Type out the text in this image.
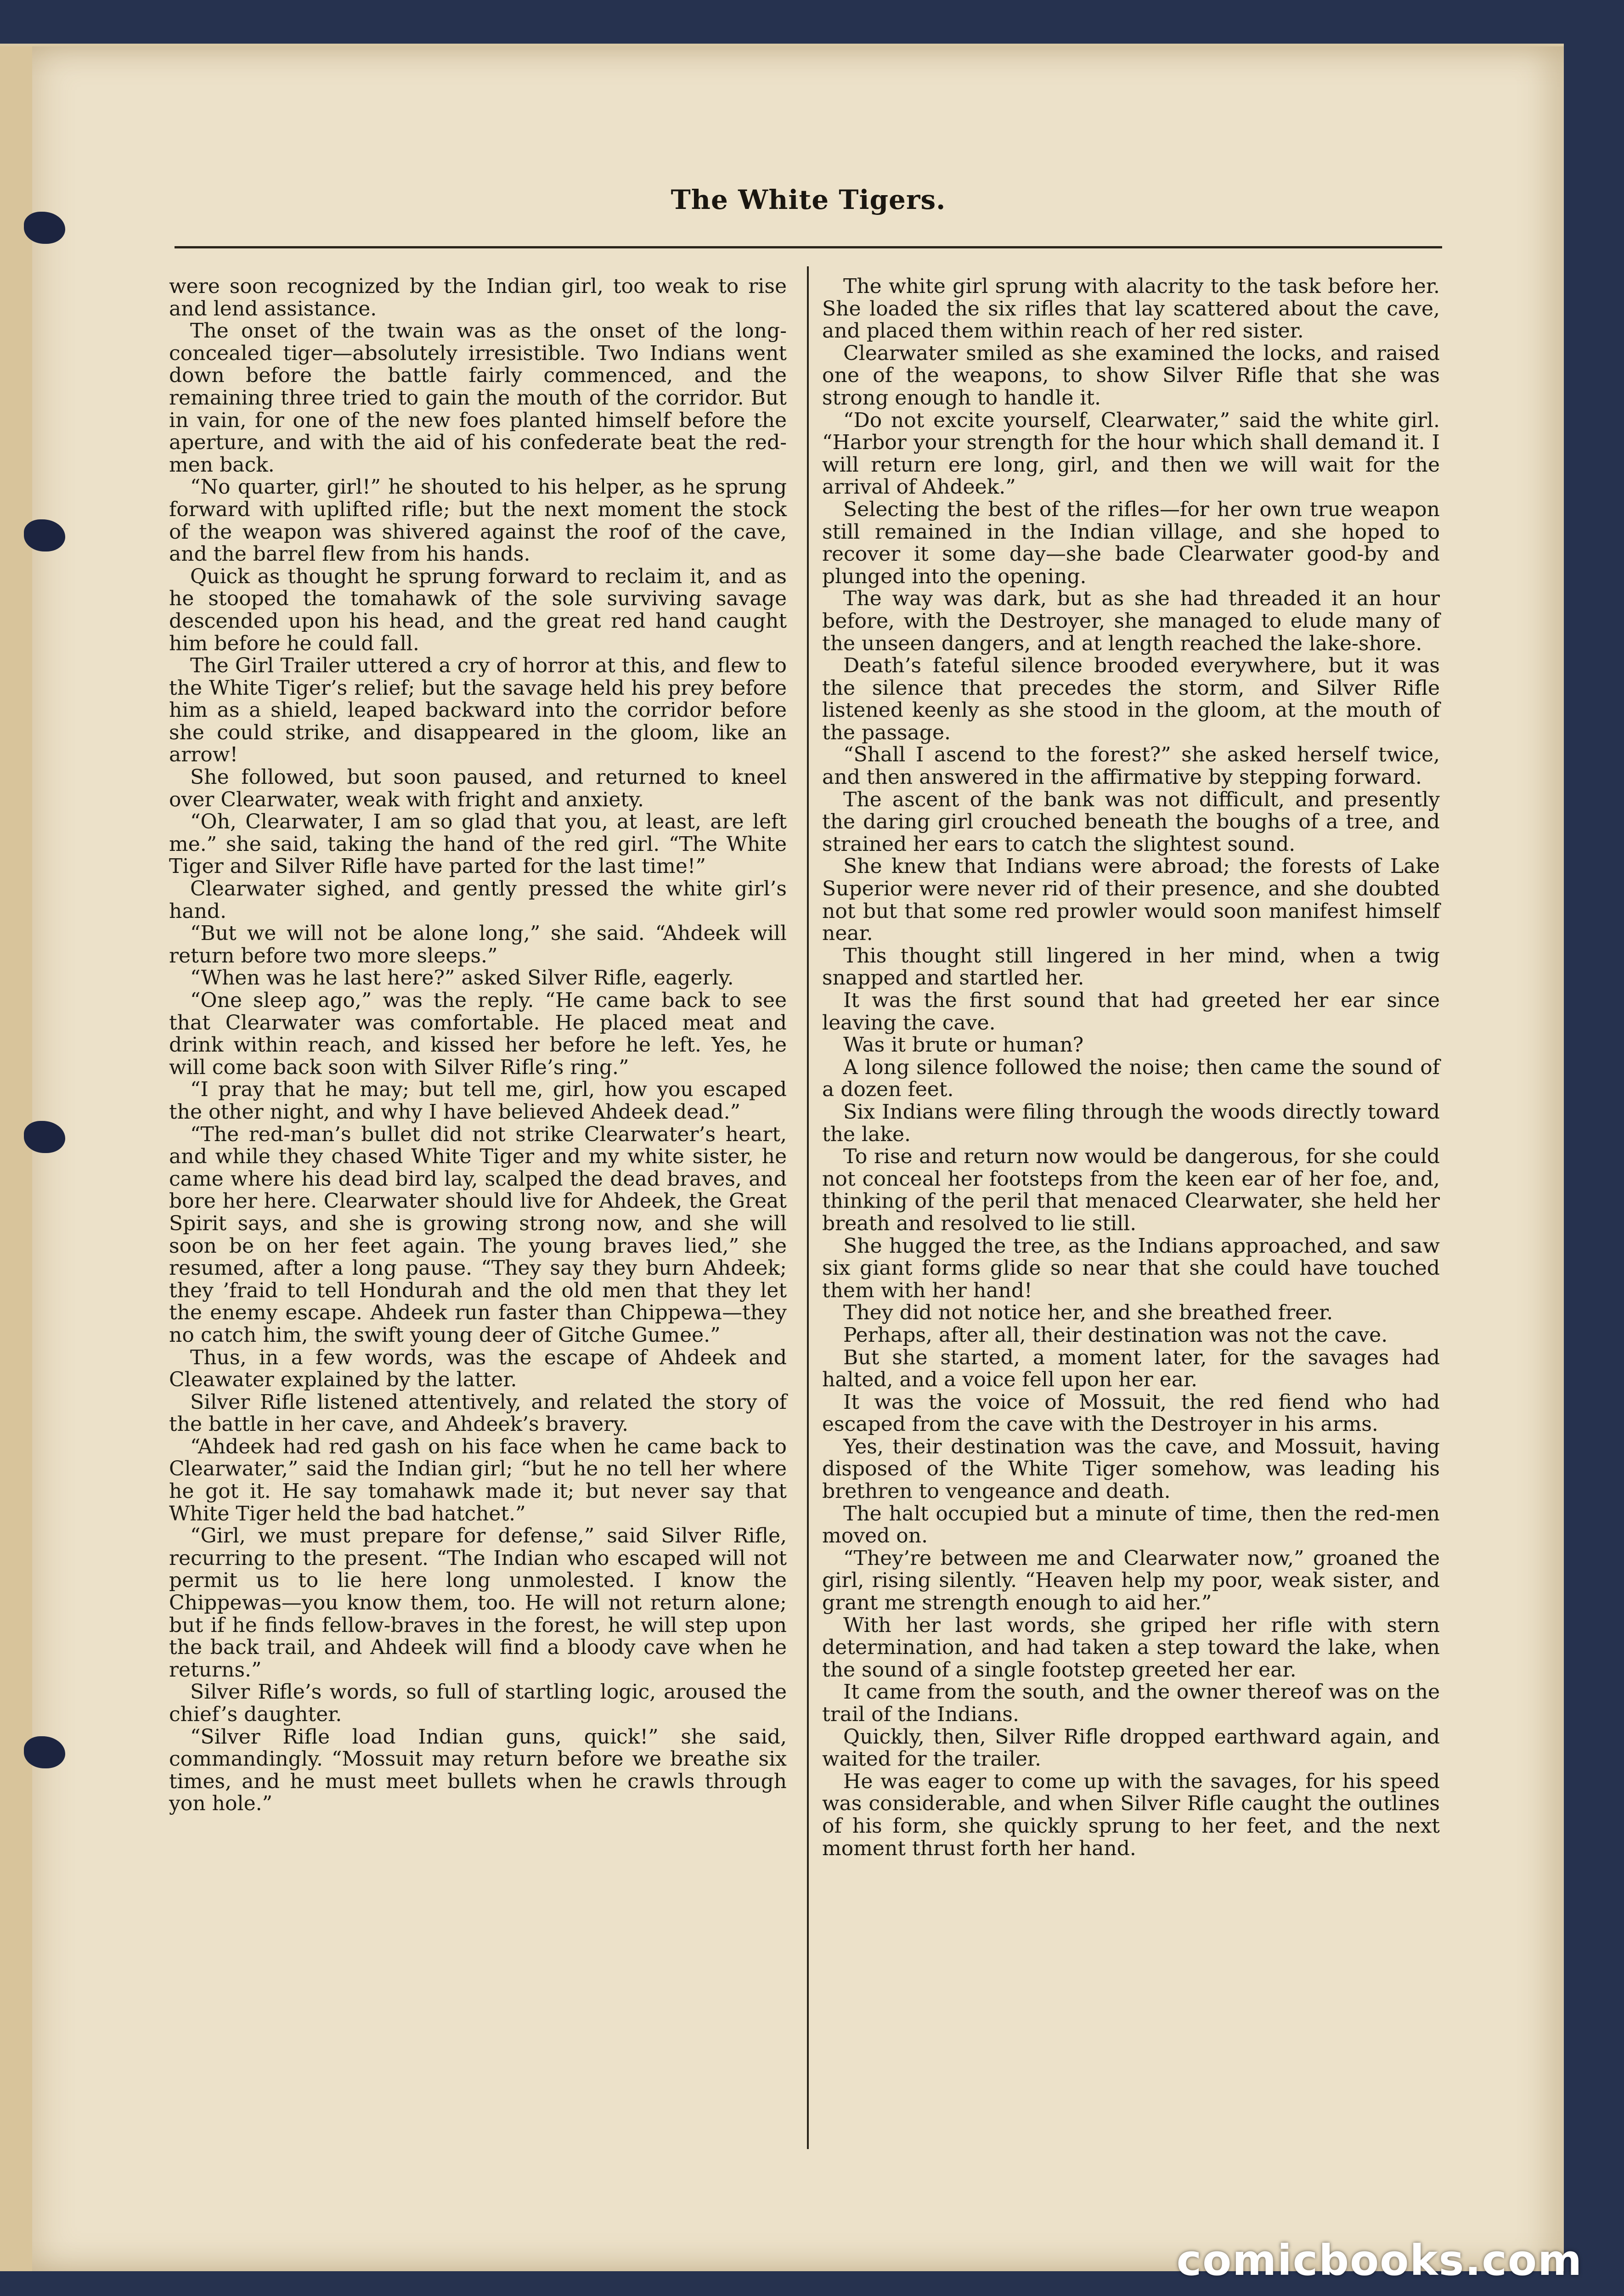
The White Tigers.

were soon recognized by the Indian girl, too weak to rise and lend assistance.

The onset of the twain was as the onset of the long-concealed tiger—absolutely irresistible. Two Indians went down before the battle fairly commenced, and the remaining three tried to gain the mouth of the corridor. But in vain, for one of the new foes planted himself before the aperture, and with the aid of his confederate beat the red-men back.

“No quarter, girl!” he shouted to his helper, as he sprung forward with uplifted rifle; but the next moment the stock of the weapon was shivered against the roof of the cave, and the barrel flew from his hands.

Quick as thought he sprung forward to reclaim it, and as he stooped the tomahawk of the sole surviving savage descended upon his head, and the great red hand caught him before he could fall.

The Girl Trailer uttered a cry of horror at this, and flew to the White Tiger’s relief; but the savage held his prey before him as a shield, leaped backward into the corridor before she could strike, and disappeared in the gloom, like an arrow!

She followed, but soon paused, and returned to kneel over Clearwater, weak with fright and anxiety.

“Oh, Clearwater, I am so glad that you, at least, are left me.” she said, taking the hand of the red girl. “The White Tiger and Silver Rifle have parted for the last time!”

Clearwater sighed, and gently pressed the white girl’s hand.

“But we will not be alone long,” she said. “Ahdeek will return before two more sleeps.”

“When was he last here?” asked Silver Rifle, eagerly.

“One sleep ago,” was the reply. “He came back to see that Clearwater was comfortable. He placed meat and drink within reach, and kissed her before he left. Yes, he will come back soon with Silver Rifle’s ring.”

“I pray that he may; but tell me, girl, how you escaped the other night, and why I have believed Ahdeek dead.”

“The red-man’s bullet did not strike Clearwater’s heart, and while they chased White Tiger and my white sister, he came where his dead bird lay, scalped the dead braves, and bore her here. Clearwater should live for Ahdeek, the Great Spirit says, and she is growing strong now, and she will soon be on her feet again. The young braves lied,” she resumed, after a long pause. “They say they burn Ahdeek; they ’fraid to tell Hondurah and the old men that they let the enemy escape. Ahdeek run faster than Chippewa—they no catch him, the swift young deer of Gitche Gumee.”

Thus, in a few words, was the escape of Ahdeek and Cleawater explained by the latter.

Silver Rifle listened attentively, and related the story of the battle in her cave, and Ahdeek’s bravery.

“Ahdeek had red gash on his face when he came back to Clearwater,” said the Indian girl; “but he no tell her where he got it. He say tomahawk made it; but never say that White Tiger held the bad hatchet.”

“Girl, we must prepare for defense,” said Silver Rifle, recurring to the present. “The Indian who escaped will not permit us to lie here long unmolested. I know the Chippewas—you know them, too. He will not return alone; but if he finds fellow-braves in the forest, he will step upon the back trail, and Ahdeek will find a bloody cave when he returns.”

Silver Rifle’s words, so full of startling logic, aroused the chief’s daughter.

“Silver Rifle load Indian guns, quick!” she said, commandingly. “Mossuit may return before we breathe six times, and he must meet bullets when he crawls through yon hole.”

The white girl sprung with alacrity to the task before her. She loaded the six rifles that lay scattered about the cave, and placed them within reach of her red sister.

Clearwater smiled as she examined the locks, and raised one of the weapons, to show Silver Rifle that she was strong enough to handle it.

“Do not excite yourself, Clearwater,” said the white girl. “Harbor your strength for the hour which shall demand it. I will return ere long, girl, and then we will wait for the arrival of Ahdeek.”

Selecting the best of the rifles—for her own true weapon still remained in the Indian village, and she hoped to recover it some day—she bade Clearwater good-by and plunged into the opening.

The way was dark, but as she had threaded it an hour before, with the Destroyer, she managed to elude many of the unseen dangers, and at length reached the lake-shore.

Death’s fateful silence brooded everywhere, but it was the silence that precedes the storm, and Silver Rifle listened keenly as she stood in the gloom, at the mouth of the passage.

“Shall I ascend to the forest?” she asked herself twice, and then answered in the affirmative by stepping forward.

The ascent of the bank was not difficult, and presently the daring girl crouched beneath the boughs of a tree, and strained her ears to catch the slightest sound.

She knew that Indians were abroad; the forests of Lake Superior were never rid of their presence, and she doubted not but that some red prowler would soon manifest himself near.

This thought still lingered in her mind, when a twig snapped and startled her.

It was the first sound that had greeted her ear since leaving the cave.

Was it brute or human?

A long silence followed the noise; then came the sound of a dozen feet.

Six Indians were filing through the woods directly toward the lake.

To rise and return now would be dangerous, for she could not conceal her footsteps from the keen ear of her foe, and, thinking of the peril that menaced Clearwater, she held her breath and resolved to lie still.

She hugged the tree, as the Indians approached, and saw six giant forms glide so near that she could have touched them with her hand!

They did not notice her, and she breathed freer.

Perhaps, after all, their destination was not the cave.

But she started, a moment later, for the savages had halted, and a voice fell upon her ear.

It was the voice of Mossuit, the red fiend who had escaped from the cave with the Destroyer in his arms.

Yes, their destination was the cave, and Mossuit, having disposed of the White Tiger somehow, was leading his brethren to vengeance and death.

The halt occupied but a minute of time, then the red-men moved on.

“They’re between me and Clearwater now,” groaned the girl, rising silently. “Heaven help my poor, weak sister, and grant me strength enough to aid her.”

With her last words, she griped her rifle with stern determination, and had taken a step toward the lake, when the sound of a single footstep greeted her ear.

It came from the south, and the owner thereof was on the trail of the Indians.

Quickly, then, Silver Rifle dropped earthward again, and waited for the trailer.

He was eager to come up with the savages, for his speed was considerable, and when Silver Rifle caught the outlines of his form, she quickly sprung to her feet, and the next moment thrust forth her hand.

comicbooks.com
